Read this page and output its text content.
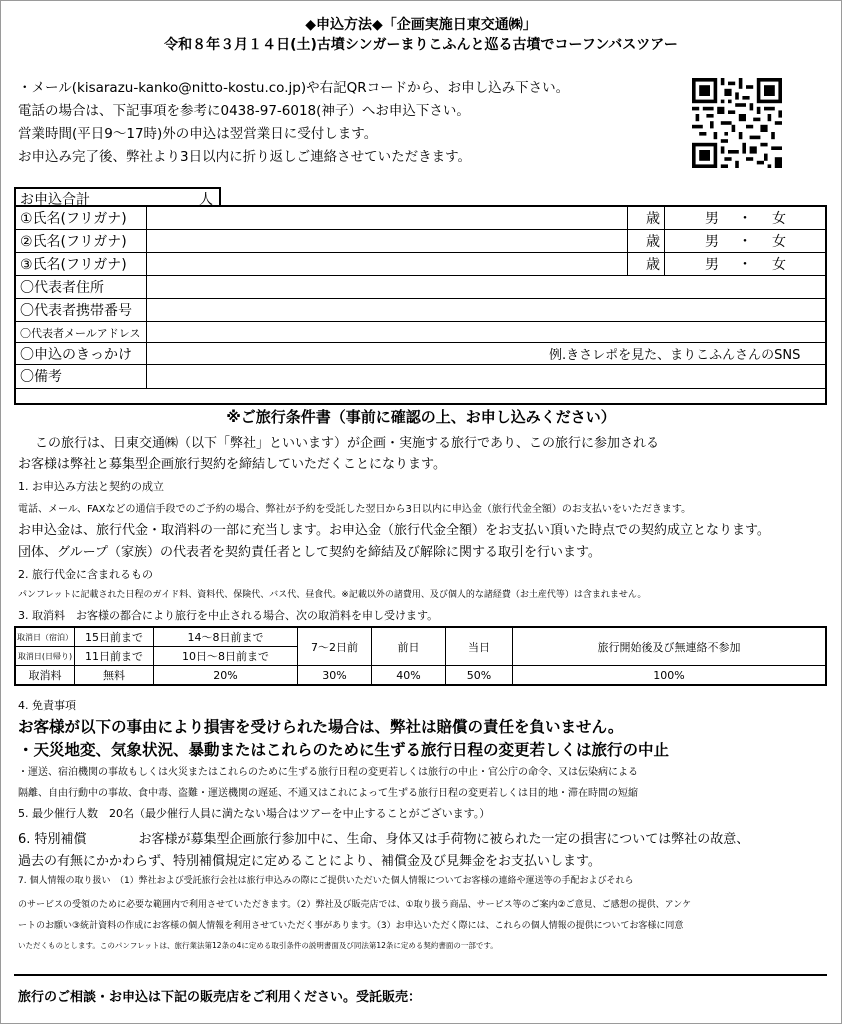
◆申込方法◆「企画実施日東交通㈱」
令和８年３月１４日(土)古墳シンガーまりこふんと巡る古墳でコーフンバスツアー
・メール(kisarazu-kanko@nitto-kostu.co.jp)や右記QRコードから、お申し込み下さい。
電話の場合は、下記事項を参考に0438-97-6018(神子）へお申込下さい。
営業時間(平日9～17時)外の申込は翌営業日に受付します。
お申込み完了後、弊社より3日以内に折り返しご連絡させていただきます。
お申込合計	人
①氏名(フリガナ)	歳	男 ・ 女
②氏名(フリガナ)	歳	男 ・ 女
③氏名(フリガナ)	歳	男 ・ 女
〇代表者住所
〇代表者携帯番号
〇代表者メールアドレス
〇申込のきっかけ	例.きさレポを見た、まりこふんさんのSNS
〇備考
※ご旅行条件書（事前に確認の上、お申し込みください）
この旅行は、日東交通㈱（以下「弊社」といいます）が企画・実施する旅行であり、この旅行に参加される
お客様は弊社と募集型企画旅行契約を締結していただくことになります。
1. お申込み方法と契約の成立
電話、メール、FAXなどの通信手段でのご予約の場合、弊社が予約を受託した翌日から3日以内に申込金（旅行代金全額）のお支払いをいただきます。
お申込金は、旅行代金・取消料の一部に充当します。お申込金（旅行代金全額）をお支払い頂いた時点での契約成立となります。
団体、グループ（家族）の代表者を契約責任者として契約を締結及び解除に関する取引を行います。
2. 旅行代金に含まれるもの
パンフレットに記載された日程のガイド料、資料代、保険代、バス代、昼食代。※記載以外の諸費用、及び個人的な諸経費（お土産代等）は含まれません。
3. 取消料　お客様の都合により旅行を中止される場合、次の取消料を申し受けます。
取消日（宿泊）	15日前まで	14～8日前まで	7～2日前	前日	当日	旅行開始後及び無連絡不参加
取消日(日帰り)	11日前まで	10日～8日前まで				
取消料	無料	20%	30%	40%	50%	100%
4. 免責事項
お客様が以下の事由により損害を受けられた場合は、弊社は賠償の責任を負いません。
・天災地変、気象状況、暴動またはこれらのために生ずる旅行日程の変更若しくは旅行の中止
・運送、宿泊機関の事故もしくは火災またはこれらのために生ずる旅行日程の変更若しくは旅行の中止・官公庁の命令、又は伝染病による
隔離、自由行動中の事故、食中毒、盗難・運送機関の遅延、不通又はこれによって生ずる旅行日程の変更若しくは目的地・滞在時間の短縮
5. 最少催行人数　20名（最少催行人員に満たない場合はツアーを中止することがございます。）
6. 特別補償　　　　お客様が募集型企画旅行参加中に、生命、身体又は手荷物に被られた一定の損害については弊社の故意、
過去の有無にかかわらず、特別補償規定に定めることにより、補償金及び見舞金をお支払いします。
7. 個人情報の取り扱い　（1）弊社および受託旅行会社は旅行申込みの際にご提供いただいた個人情報についてお客様の連絡や運送等の手配およびそれら
のサービスの受領のために必要な範囲内で利用させていただきます。（2）弊社及び販売店では、①取り扱う商品、サービス等のご案内②ご意見、ご感想の提供、アンケ
ートのお願い③統計資料の作成にお客様の個人情報を利用させていただく事があります。（3）お申込いただく際には、これらの個人情報の提供についてお客様に同意
いただくものとします。このパンフレットは、旅行業法第12条の4に定める取引条件の説明書面及び同法第12条に定める契約書面の一部です。
旅行のご相談・お申込は下記の販売店をご利用ください。受託販売：
